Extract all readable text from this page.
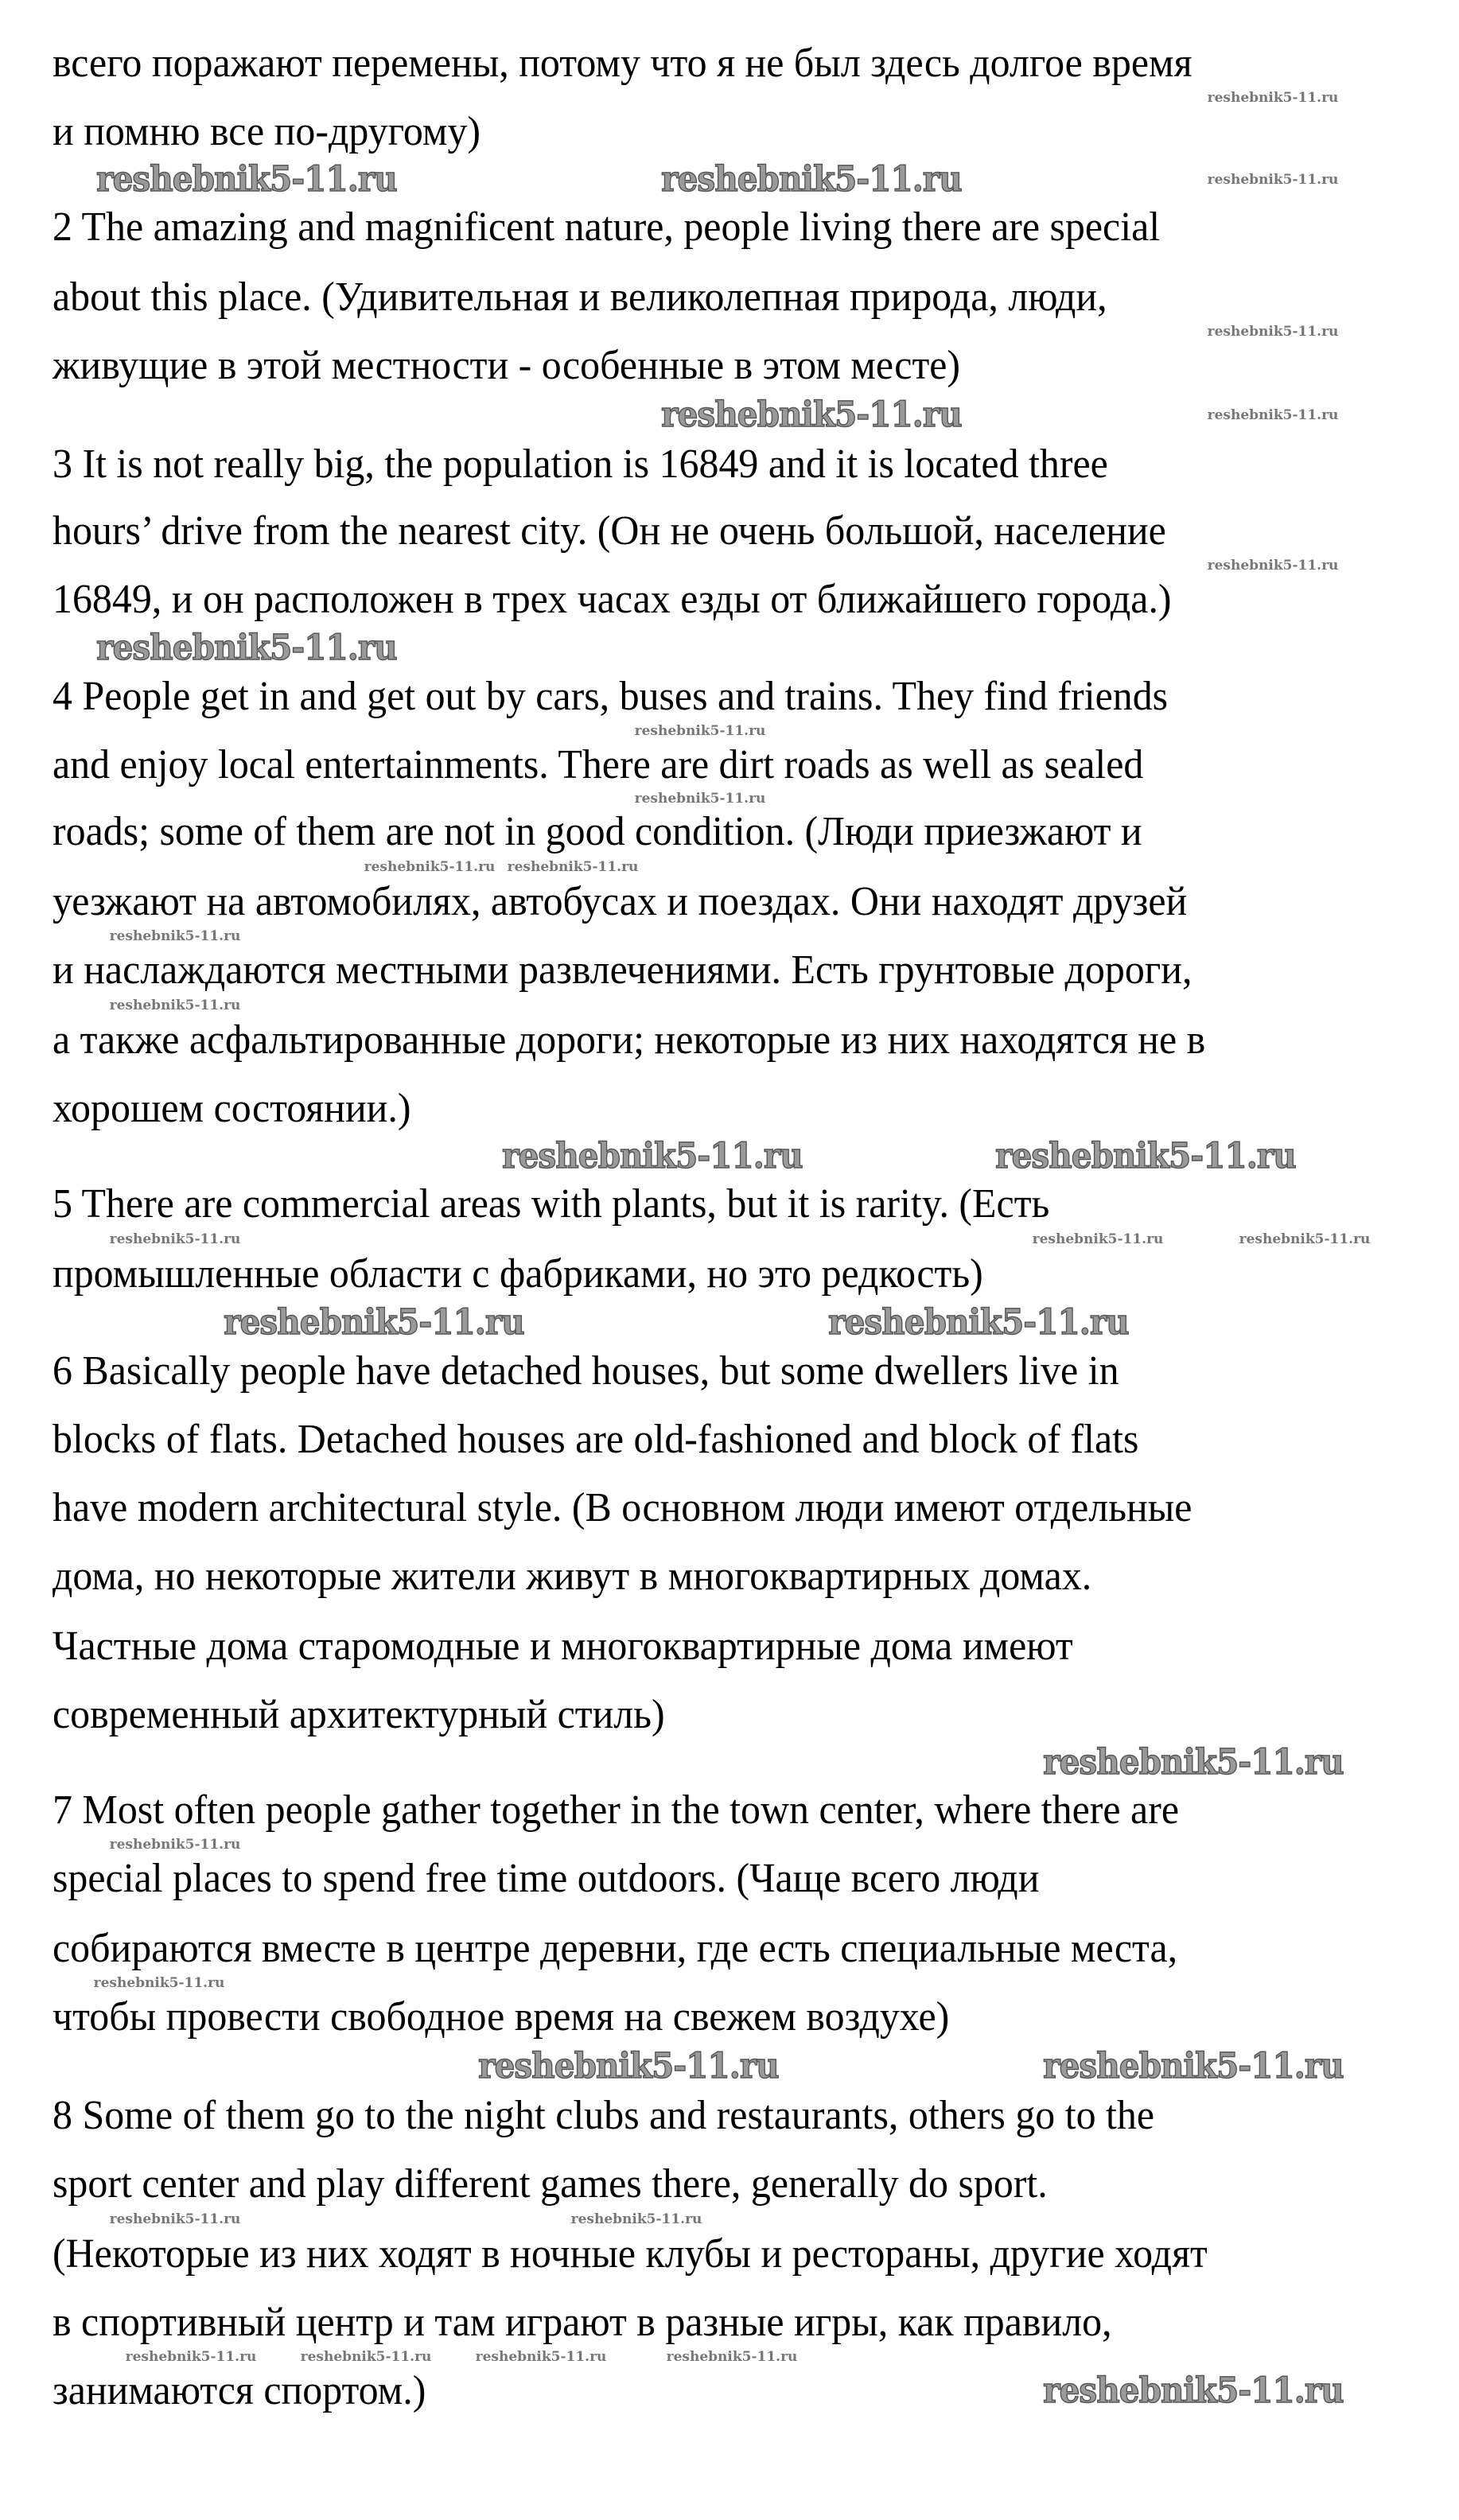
всего поражают перемены, потому что я не был здесь долгое время
и помню все по-другому)
2 The amazing and magnificent nature, people living there are special
about this place. (Удивительная и великолепная природа, люди,
живущие в этой местности - особенные в этом месте)
3 It is not really big, the population is 16849 and it is located three
hours’ drive from the nearest city. (Он не очень большой, население
16849, и он расположен в трех часах езды от ближайшего города.)
4 People get in and get out by cars, buses and trains. They find friends
and enjoy local entertainments. There are dirt roads as well as sealed
roads; some of them are not in good condition. (Люди приезжают и
уезжают на автомобилях, автобусах и поездах. Они находят друзей
и наслаждаются местными развлечениями. Есть грунтовые дороги,
а также асфальтированные дороги; некоторые из них находятся не в
хорошем состоянии.)
5 There are commercial areas with plants, but it is rarity. (Есть
промышленные области с фабриками, но это редкость)
6 Basically people have detached houses, but some dwellers live in
blocks of flats. Detached houses are old-fashioned and block of flats
have modern architectural style. (В основном люди имеют отдельные
дома, но некоторые жители живут в многоквартирных домах.
Частные дома старомодные и многоквартирные дома имеют
современный архитектурный стиль)
7 Most often people gather together in the town center, where there are
special places to spend free time outdoors. (Чаще всего люди
собираются вместе в центре деревни, где есть специальные места,
чтобы провести свободное время на свежем воздухе)
8 Some of them go to the night clubs and restaurants, others go to the
sport center and play different games there, generally do sport.
(Некоторые из них ходят в ночные клубы и рестораны, другие ходят
в спортивный центр и там играют в разные игры, как правило,
занимаются спортом.)
reshebnik5-11.ru	reshebnik5-11.ru
reshebnik5-11.ru
reshebnik5-11.ru
reshebnik5-11.ru
reshebnik5-11.ru
reshebnik5-11.ru
reshebnik5-11.ru
reshebnik5-11.ru
reshebnik5-11.ru	reshebnik5-11.ru
reshebnik5-11.ru
reshebnik5-11.ru
reshebnik5-11.ru
reshebnik5-11.ru
reshebnik5-11.ru
reshebnik5-11.ru
reshebnik5-11.ru
reshebnik5-11.ru
reshebnik5-11.ru reshebnik5-11.ru
reshebnik5-11.ru
reshebnik5-11.ru
reshebnik5-11.ru	reshebnik5-11.ru
reshebnik5-11.ru
reshebnik5-11.ru
reshebnik5-11.ru
reshebnik5-11.ru	reshebnik5-11.ru
reshebnik5-11.ru	reshebnik5-11.ru	reshebnik5-11.ru	reshebnik5-11.ru
